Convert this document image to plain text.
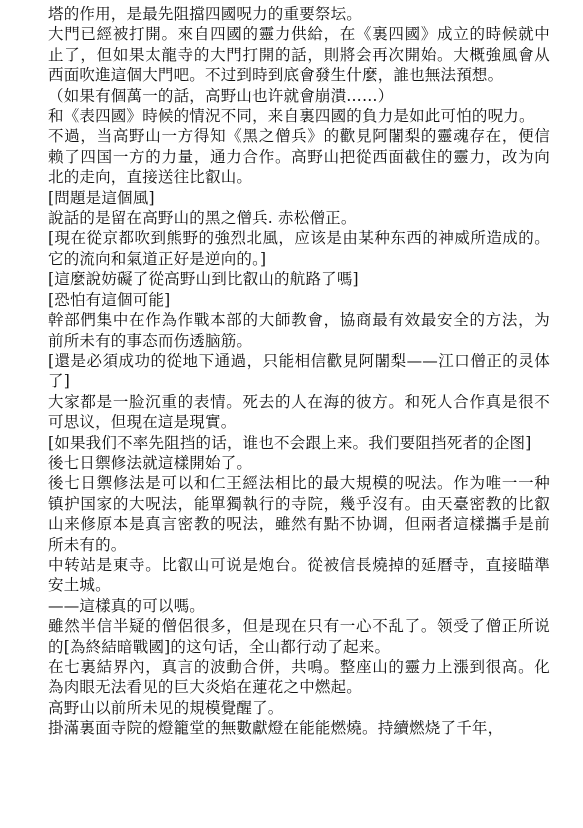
塔的作用，是最先阻擋四國呪力的重要祭坛。

大門已經被打開。來自四國的靈力供給，在《裏四國》成立的時候就中止了，但如果太龍寺的大門打開的話，則將会再次開始。大概強風會从西面吹進這個大門吧。不过到時到底會發生什麼，誰也無法預想。

（如果有個萬一的話，高野山也许就會崩潰……）

和《表四國》時候的情況不同，来自裏四國的負力是如此可怕的呪力。

不過，当高野山一方得知《黑之僧兵》的歡見阿闍梨的靈魂存在，便信赖了四国一方的力量，通力合作。高野山把從西面截住的靈力，改为向北的走向，直接送往比叡山。

[問題是這個風]

說話的是留在高野山的黑之僧兵. 赤松僧正。

[現在從京都吹到熊野的強烈北風，应该是由某种东西的神威所造成的。它的流向和氣道正好是逆向的。]

[這麼說妨礙了從高野山到比叡山的航路了嗎]

[恐怕有這個可能]

幹部們集中在作為作戰本部的大師教會，協商最有效最安全的方法，为前所未有的事态而伤透脑筋。

[還是必須成功的從地下通過，只能相信歡見阿闍梨——江口僧正的灵体了]

大家都是一脸沉重的表情。死去的人在海的彼方。和死人合作真是很不可思议，但現在這是現實。

[如果我们不率先阻挡的话，谁也不会跟上来。我们要阻挡死者的企图]

後七日禦修法就這樣開始了。

後七日禦修法是可以和仁王經法相比的最大規模的呪法。作为唯一一种镇护国家的大呪法，能單獨執行的寺院，幾乎沒有。由天臺密教的比叡山来修原本是真言密教的呪法，雖然有點不协调，但兩者這樣攜手是前所未有的。

中转站是東寺。比叡山可说是炮台。從被信長燒掉的延曆寺，直接瞄準安土城。

——這樣真的可以嗎。

雖然半信半疑的僧侶很多，但是现在只有一心不乱了。领受了僧正所说的[為終結暗戰國]的这句话，全山都行动了起来。

在七裏結界內，真言的波動合併，共鳴。整座山的靈力上漲到很高。化為肉眼无法看见的巨大炎焰在蓮花之中燃起。

高野山以前所未见的規模覺醒了。

掛滿裏面寺院的燈籠堂的無數獻燈在能能燃燒。持續燃烧了千年，
